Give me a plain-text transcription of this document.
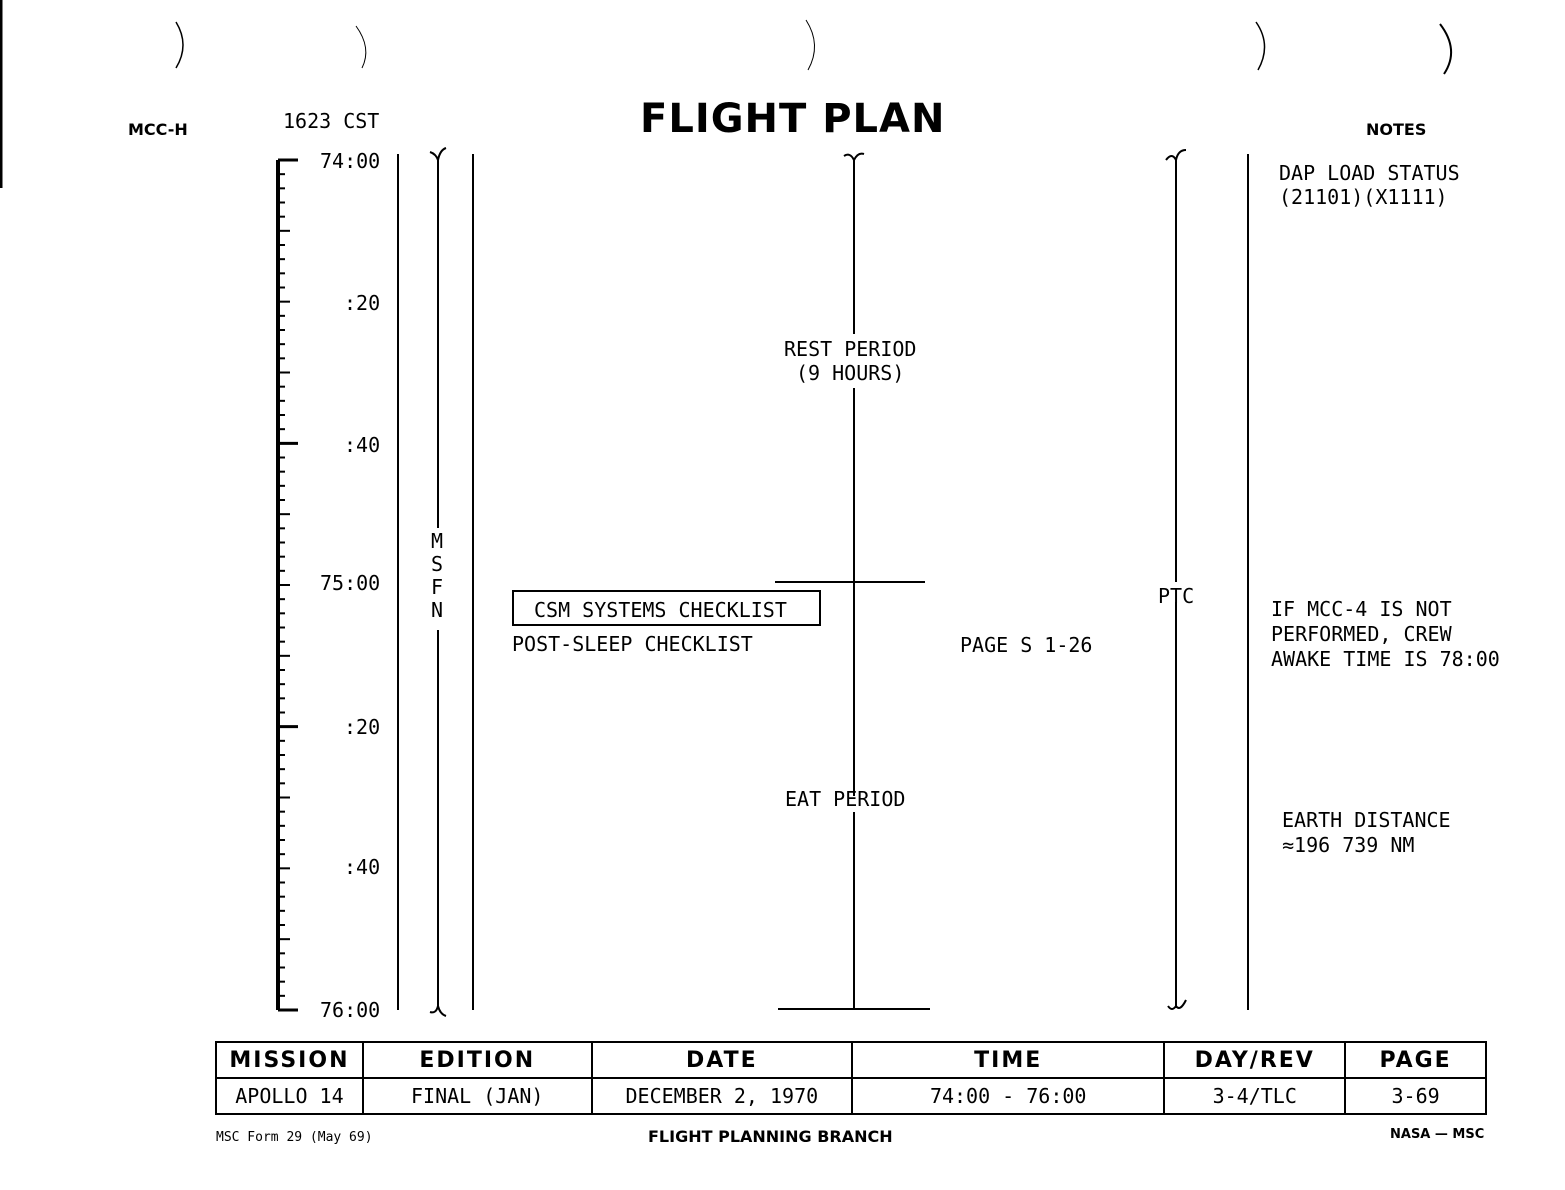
MCC-H	1623 CST	FLIGHT PLAN	NOTES
74:00
:20
:40
75:00
:20
:40
76:00
M
S
F
N
REST PERIOD
(9 HOURS)
CSM SYSTEMS CHECKLIST
POST-SLEEP CHECKLIST	PAGE S 1-26
PTC
EAT PERIOD
DAP LOAD STATUS
(21101)(X1111)
IF MCC-4 IS NOT
PERFORMED, CREW
AWAKE TIME IS 78:00
EARTH DISTANCE
≈196 739 NM
MISSION	EDITION	DATE	TIME	DAY/REV	PAGE
APOLLO 14	FINAL (JAN)	DECEMBER 2, 1970	74:00 - 76:00	3-4/TLC	3-69
MSC Form 29 (May 69)	FLIGHT PLANNING BRANCH	NASA — MSC
